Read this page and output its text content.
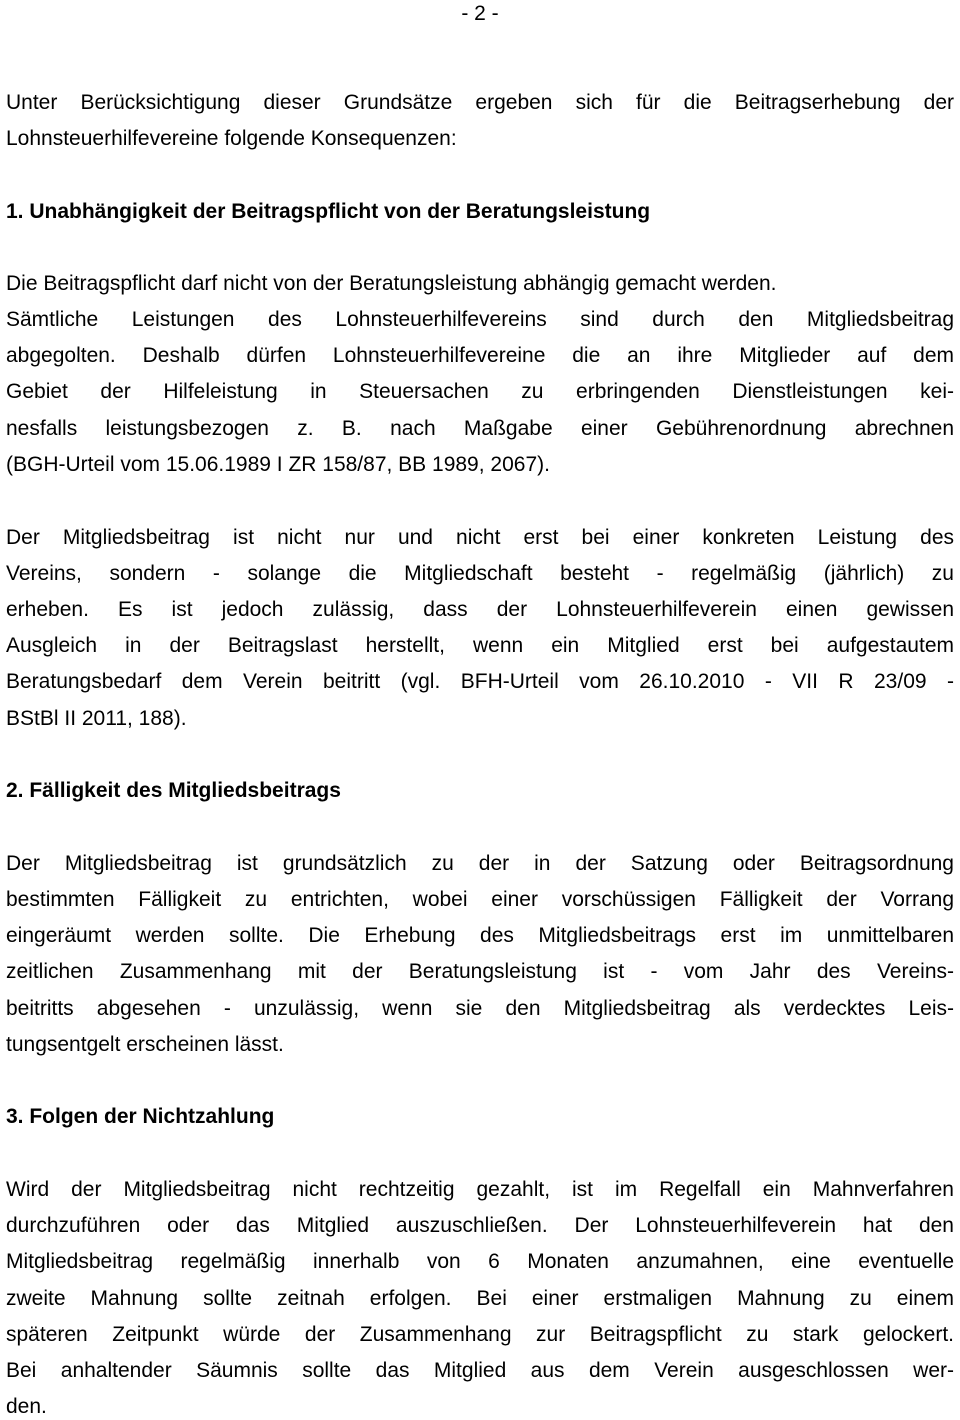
- 2 -

Unter Berücksichtigung dieser Grundsätze ergeben sich für die Beitragserhebung der

Lohnsteuerhilfevereine folgende Konsequenzen:

1. Unabhängigkeit der Beitragspflicht von der Beratungsleistung

Die Beitragspflicht darf nicht von der Beratungsleistung abhängig gemacht werden.

Sämtliche Leistungen des Lohnsteuerhilfevereins sind durch den Mitgliedsbeitrag

abgegolten. Deshalb dürfen Lohnsteuerhilfevereine die an ihre Mitglieder auf dem

Gebiet der Hilfeleistung in Steuersachen zu erbringenden Dienstleistungen kei-

nesfalls leistungsbezogen z. B. nach Maßgabe einer Gebührenordnung abrechnen

(BGH-Urteil vom 15.06.1989 I ZR 158/87, BB 1989, 2067).

Der Mitgliedsbeitrag ist nicht nur und nicht erst bei einer konkreten Leistung des

Vereins, sondern - solange die Mitgliedschaft besteht - regelmäßig (jährlich) zu

erheben. Es ist jedoch zulässig, dass der Lohnsteuerhilfeverein einen gewissen

Ausgleich in der Beitragslast herstellt, wenn ein Mitglied erst bei aufgestautem

Beratungsbedarf dem Verein beitritt (vgl. BFH-Urteil vom 26.10.2010 - VII R 23/09 -

BStBl II 2011, 188).

2. Fälligkeit des Mitgliedsbeitrags

Der Mitgliedsbeitrag ist grundsätzlich zu der in der Satzung oder Beitragsordnung

bestimmten Fälligkeit zu entrichten, wobei einer vorschüssigen Fälligkeit der Vorrang

eingeräumt werden sollte. Die Erhebung des Mitgliedsbeitrags erst im unmittelbaren

zeitlichen Zusammenhang mit der Beratungsleistung ist - vom Jahr des Vereins-

beitritts abgesehen - unzulässig, wenn sie den Mitgliedsbeitrag als verdecktes Leis-

tungsentgelt erscheinen lässt.

3. Folgen der Nichtzahlung

Wird der Mitgliedsbeitrag nicht rechtzeitig gezahlt, ist im Regelfall ein Mahnverfahren

durchzuführen oder das Mitglied auszuschließen. Der Lohnsteuerhilfeverein hat den

Mitgliedsbeitrag regelmäßig innerhalb von 6 Monaten anzumahnen, eine eventuelle

zweite Mahnung sollte zeitnah erfolgen. Bei einer erstmaligen Mahnung zu einem

späteren Zeitpunkt würde der Zusammenhang zur Beitragspflicht zu stark gelockert.

Bei anhaltender Säumnis sollte das Mitglied aus dem Verein ausgeschlossen wer-

den.
